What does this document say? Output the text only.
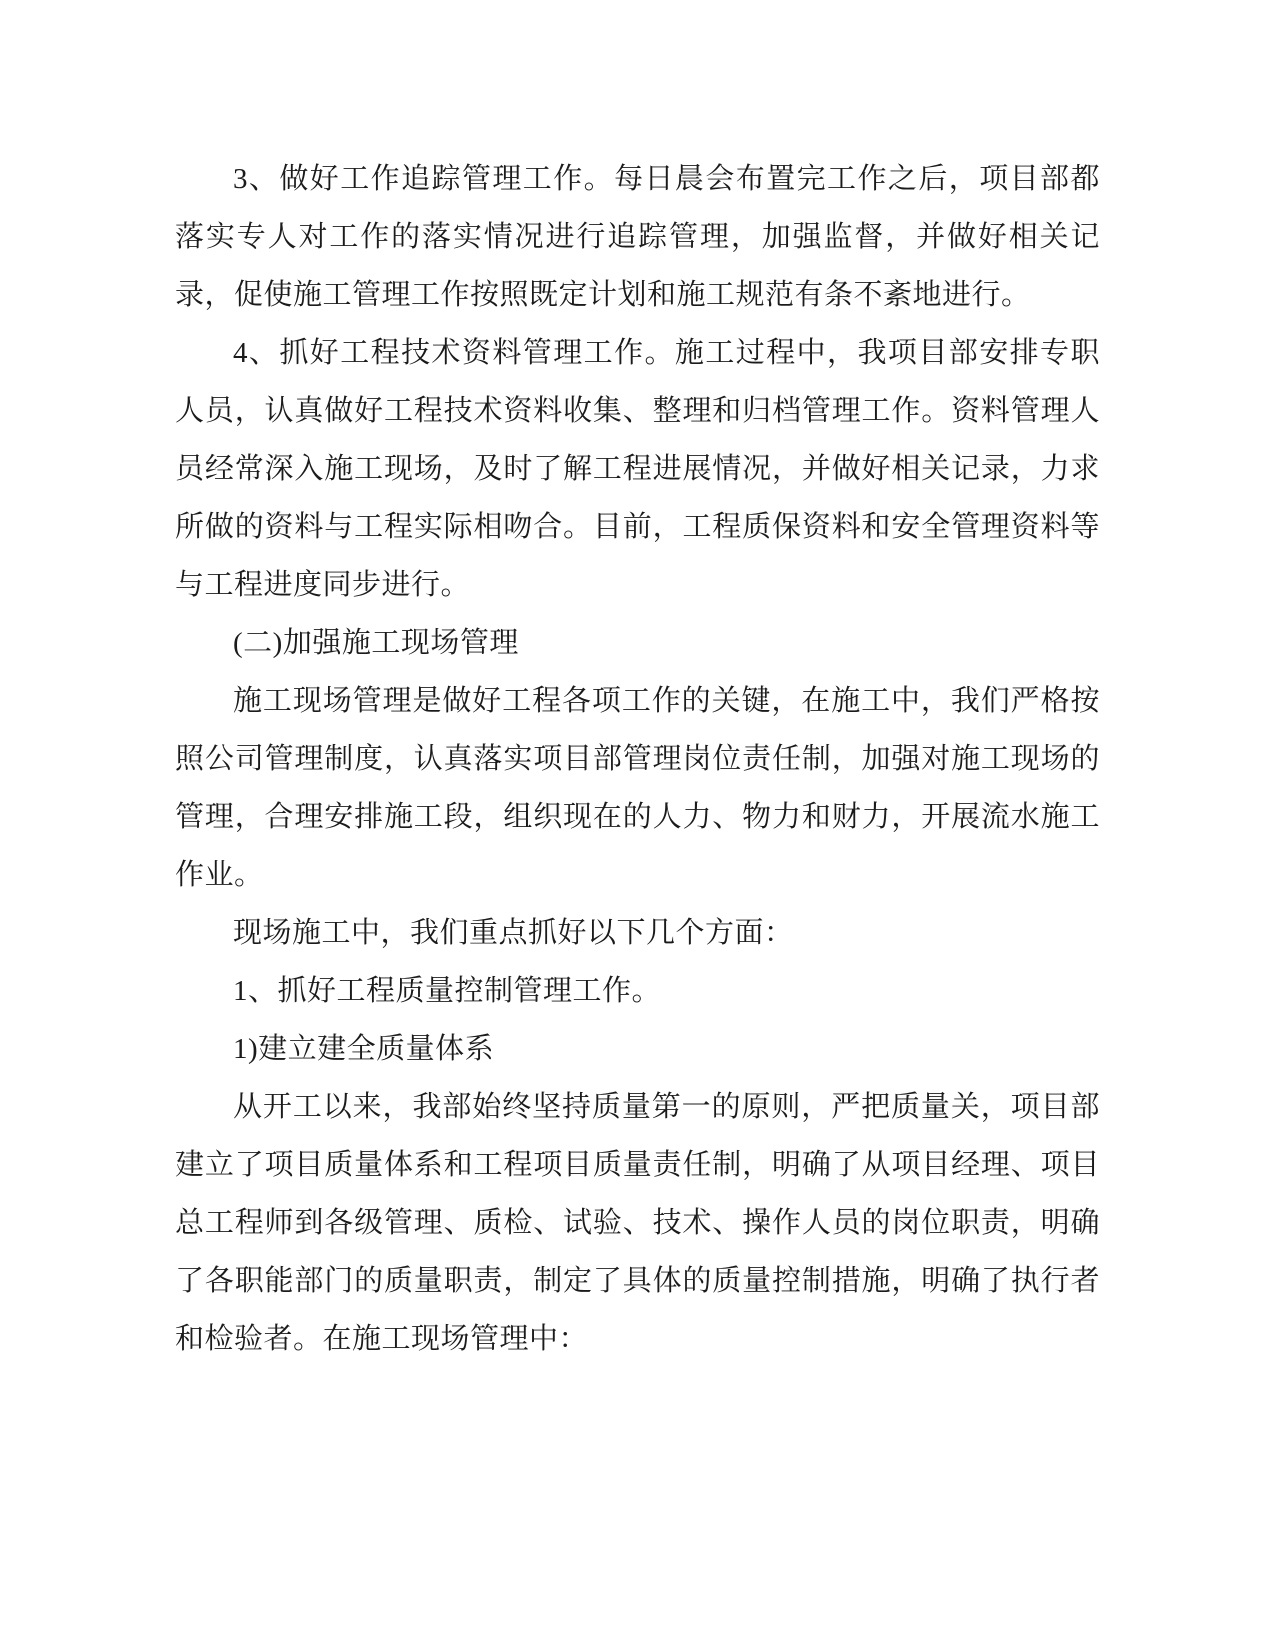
3、做好工作追踪管理工作。每日晨会布置完工作之后，项目部都落实专人对工作的落实情况进行追踪管理，加强监督，并做好相关记录，促使施工管理工作按照既定计划和施工规范有条不紊地进行。

4、抓好工程技术资料管理工作。施工过程中，我项目部安排专职人员，认真做好工程技术资料收集、整理和归档管理工作。资料管理人员经常深入施工现场，及时了解工程进展情况，并做好相关记录，力求所做的资料与工程实际相吻合。目前，工程质保资料和安全管理资料等与工程进度同步进行。

(二)加强施工现场管理

施工现场管理是做好工程各项工作的关键，在施工中，我们严格按照公司管理制度，认真落实项目部管理岗位责任制，加强对施工现场的管理，合理安排施工段，组织现在的人力、物力和财力，开展流水施工作业。

现场施工中，我们重点抓好以下几个方面：

1、抓好工程质量控制管理工作。

1)建立建全质量体系

从开工以来，我部始终坚持质量第一的原则，严把质量关，项目部建立了项目质量体系和工程项目质量责任制，明确了从项目经理、项目总工程师到各级管理、质检、试验、技术、操作人员的岗位职责，明确了各职能部门的质量职责，制定了具体的质量控制措施，明确了执行者和检验者。在施工现场管理中：
